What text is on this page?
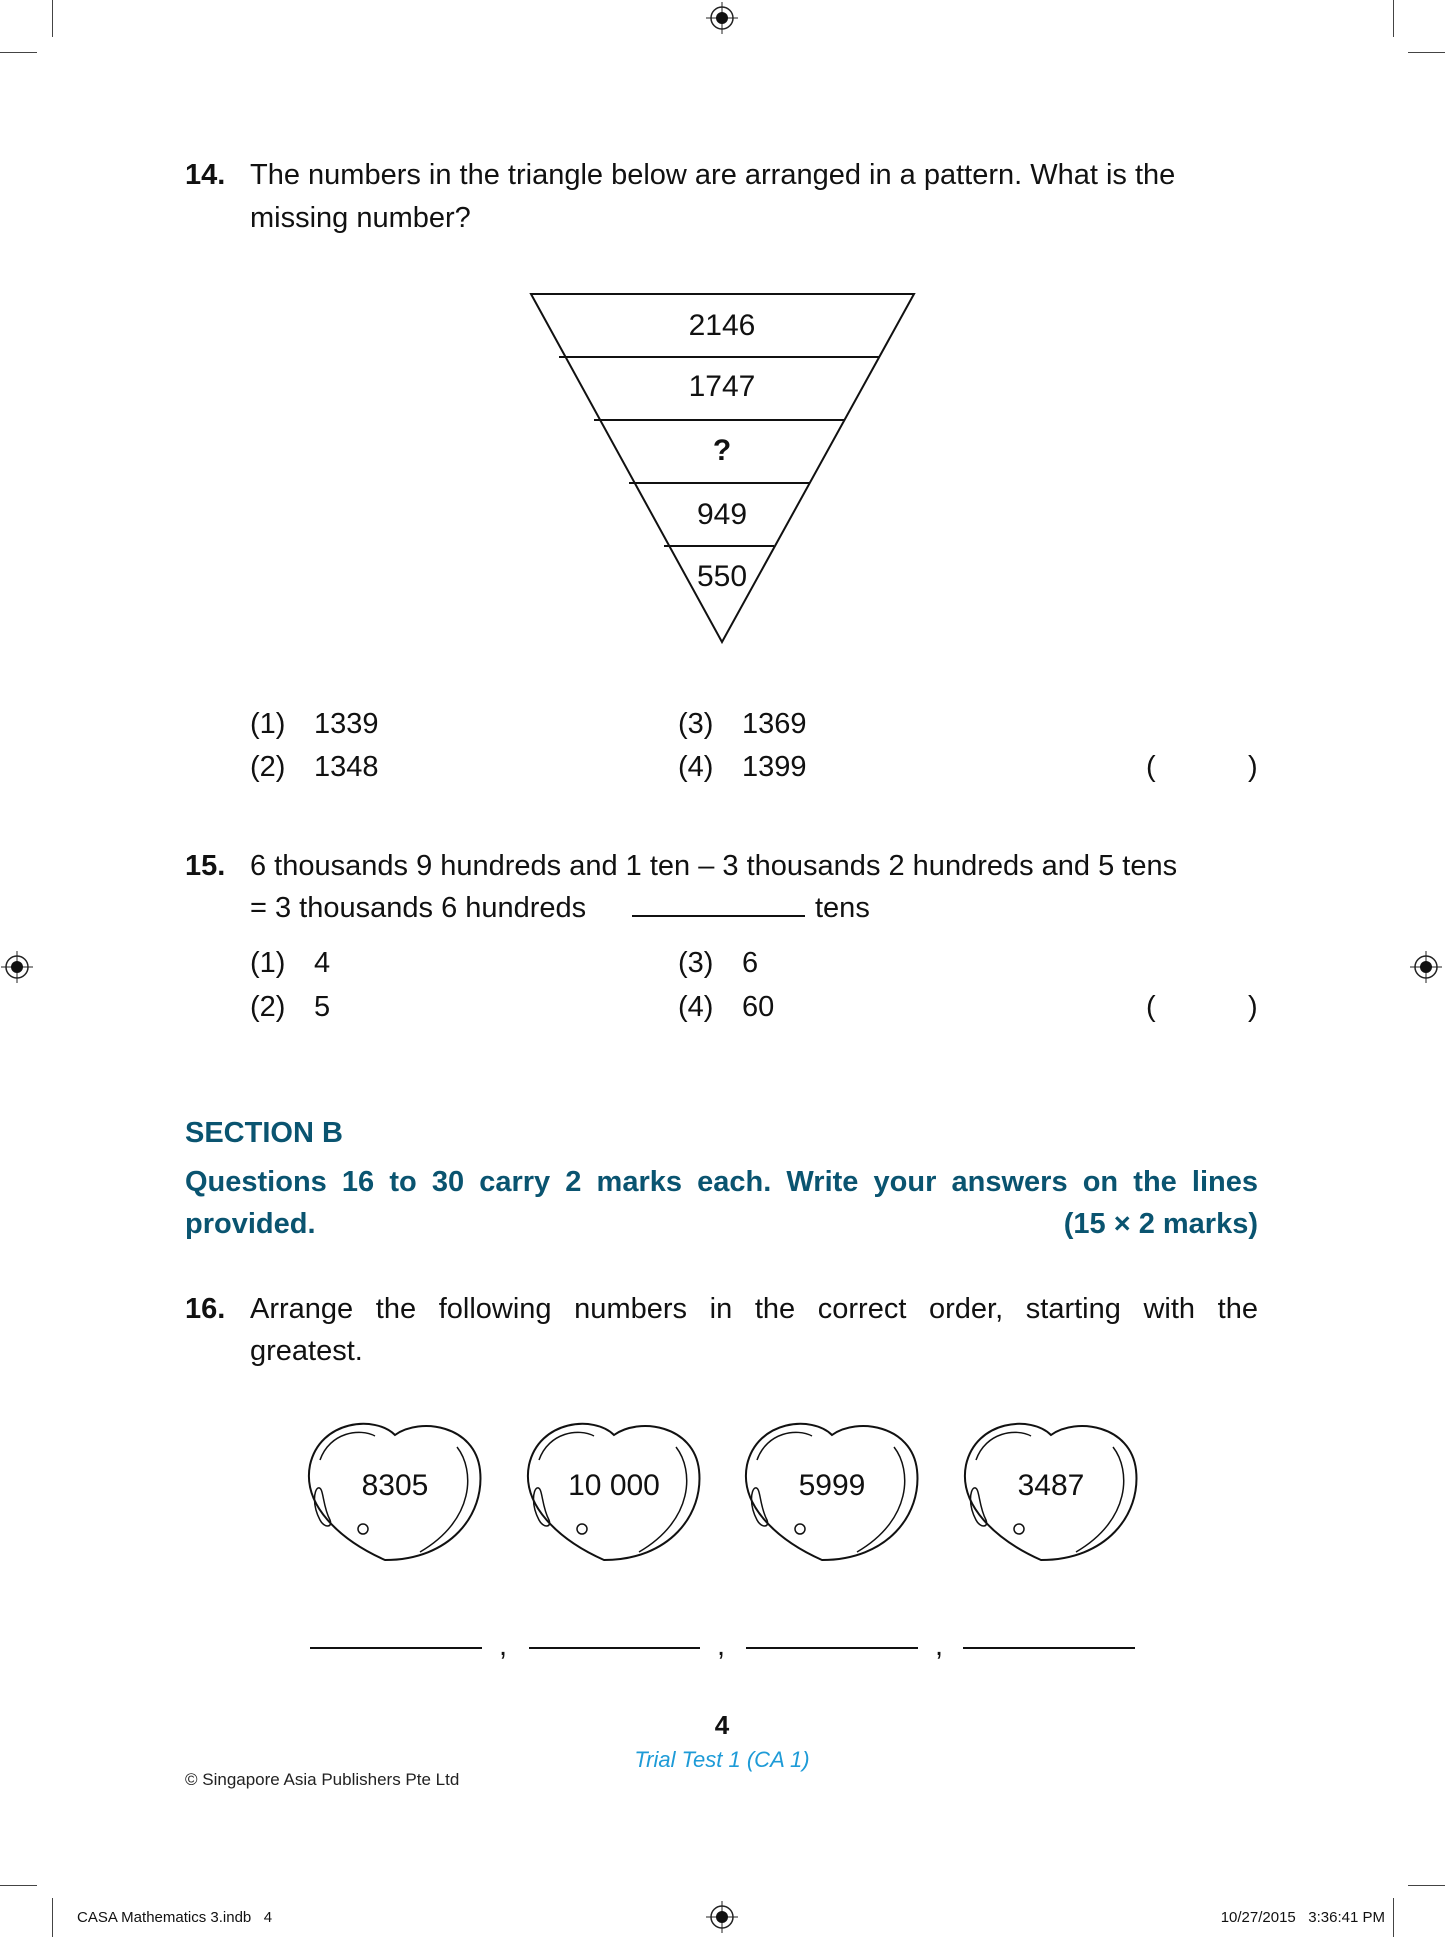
14. The numbers in the triangle below are arranged in a pattern. What is the
missing number?
2146
1747
?
949
550
(1) 1339
(2) 1348
(3) 1369
(4) 1399	(	)
15. 6 thousands 9 hundreds and 1 ten – 3 thousands 2 hundreds and 5 tens
= 3 thousands 6 hundreds	tens
(1) 4
(2) 5
(3) 6
(4) 60	(	)
SECTION B
Questions 16 to 30 carry 2 marks each. Write your answers on the lines
provided.	(15 × 2 marks)
16. Arrange the following numbers in the correct order, starting with the
greatest.
8305	10 000	5999	3487
,	,	,
4
Trial Test 1 (CA 1)
© Singapore Asia Publishers Pte Ltd
CASA Mathematics 3.indb   4	10/27/2015   3:36:41 PM
